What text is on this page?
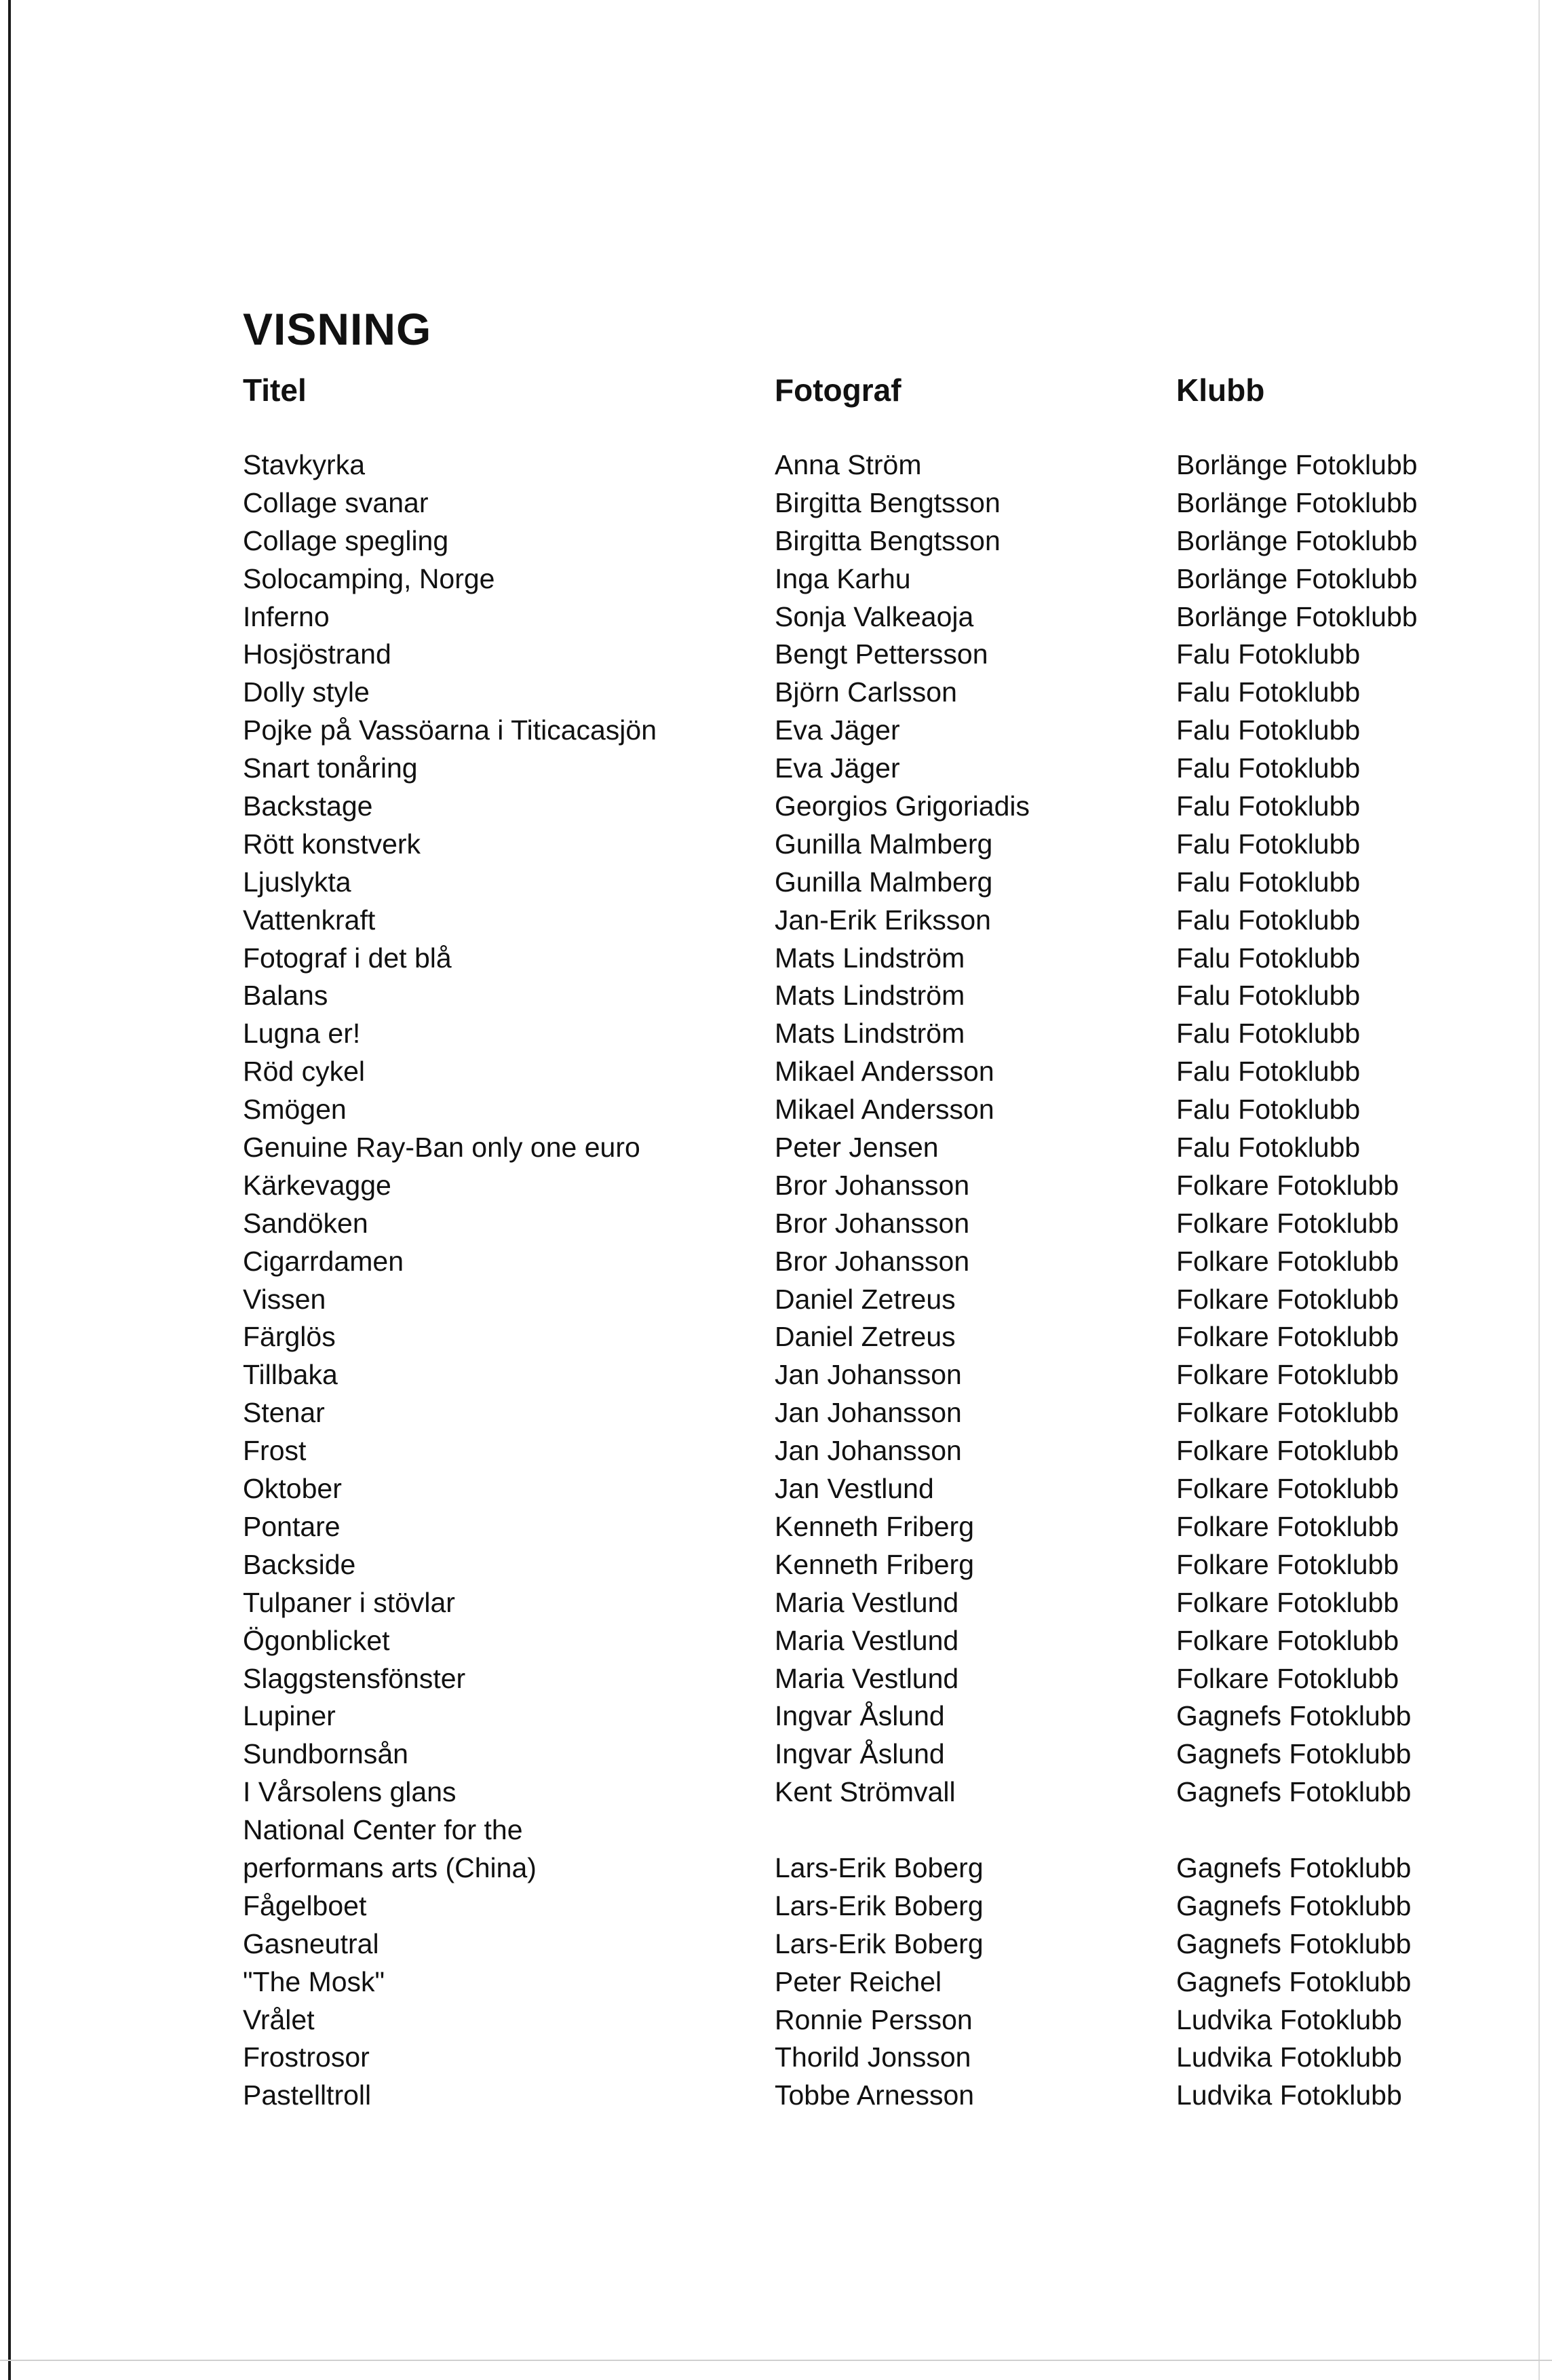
VISNING
Titel	Fotograf	Klubb
Stavkyrka	Anna Ström	Borlänge Fotoklubb
Collage svanar	Birgitta Bengtsson	Borlänge Fotoklubb
Collage spegling	Birgitta Bengtsson	Borlänge Fotoklubb
Solocamping, Norge	Inga Karhu	Borlänge Fotoklubb
Inferno	Sonja Valkeaoja	Borlänge Fotoklubb
Hosjöstrand	Bengt Pettersson	Falu Fotoklubb
Dolly style	Björn Carlsson	Falu Fotoklubb
Pojke på Vassöarna i Titicacasjön	Eva Jäger	Falu Fotoklubb
Snart tonåring	Eva Jäger	Falu Fotoklubb
Backstage	Georgios Grigoriadis	Falu Fotoklubb
Rött konstverk	Gunilla Malmberg	Falu Fotoklubb
Ljuslykta	Gunilla Malmberg	Falu Fotoklubb
Vattenkraft	Jan-Erik Eriksson	Falu Fotoklubb
Fotograf i det blå	Mats Lindström	Falu Fotoklubb
Balans	Mats Lindström	Falu Fotoklubb
Lugna er!	Mats Lindström	Falu Fotoklubb
Röd cykel	Mikael Andersson	Falu Fotoklubb
Smögen	Mikael Andersson	Falu Fotoklubb
Genuine Ray-Ban only one euro	Peter Jensen	Falu Fotoklubb
Kärkevagge	Bror Johansson	Folkare Fotoklubb
Sandöken	Bror Johansson	Folkare Fotoklubb
Cigarrdamen	Bror Johansson	Folkare Fotoklubb
Vissen	Daniel Zetreus	Folkare Fotoklubb
Färglös	Daniel Zetreus	Folkare Fotoklubb
Tillbaka	Jan Johansson	Folkare Fotoklubb
Stenar	Jan Johansson	Folkare Fotoklubb
Frost	Jan Johansson	Folkare Fotoklubb
Oktober	Jan Vestlund	Folkare Fotoklubb
Pontare	Kenneth Friberg	Folkare Fotoklubb
Backside	Kenneth Friberg	Folkare Fotoklubb
Tulpaner i stövlar	Maria Vestlund	Folkare Fotoklubb
Ögonblicket	Maria Vestlund	Folkare Fotoklubb
Slaggstensfönster	Maria Vestlund	Folkare Fotoklubb
Lupiner	Ingvar Åslund	Gagnefs Fotoklubb
Sundbornsån	Ingvar Åslund	Gagnefs Fotoklubb
I Vårsolens glans	Kent Strömvall	Gagnefs Fotoklubb
National Center for the
performans arts (China)	Lars-Erik Boberg	Gagnefs Fotoklubb
Fågelboet	Lars-Erik Boberg	Gagnefs Fotoklubb
Gasneutral	Lars-Erik Boberg	Gagnefs Fotoklubb
"The Mosk"	Peter Reichel	Gagnefs Fotoklubb
Vrålet	Ronnie Persson	Ludvika Fotoklubb
Frostrosor	Thorild Jonsson	Ludvika Fotoklubb
Pastelltroll	Tobbe Arnesson	Ludvika Fotoklubb
